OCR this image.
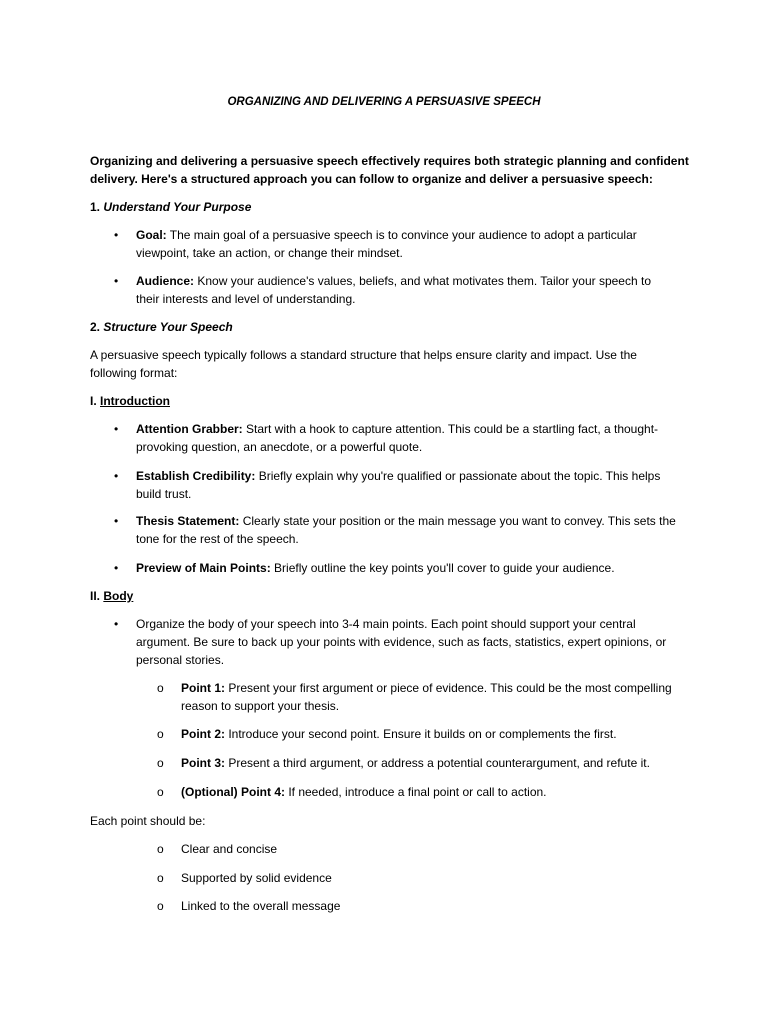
ORGANIZING AND DELIVERING A PERSUASIVE SPEECH
Organizing and delivering a persuasive speech effectively requires both strategic planning and confident delivery. Here's a structured approach you can follow to organize and deliver a persuasive speech:
1. Understand Your Purpose
•	Goal: The main goal of a persuasive speech is to convince your audience to adopt a particular viewpoint, take an action, or change their mindset.
•	Audience: Know your audience's values, beliefs, and what motivates them. Tailor your speech to their interests and level of understanding.
2. Structure Your Speech
A persuasive speech typically follows a standard structure that helps ensure clarity and impact. Use the following format:
I. Introduction
•	Attention Grabber: Start with a hook to capture attention. This could be a startling fact, a thought-provoking question, an anecdote, or a powerful quote.
•	Establish Credibility: Briefly explain why you're qualified or passionate about the topic. This helps build trust.
•	Thesis Statement: Clearly state your position or the main message you want to convey. This sets the tone for the rest of the speech.
•	Preview of Main Points: Briefly outline the key points you'll cover to guide your audience.
II. Body
•	Organize the body of your speech into 3-4 main points. Each point should support your central argument. Be sure to back up your points with evidence, such as facts, statistics, expert opinions, or personal stories.
o Point 1: Present your first argument or piece of evidence. This could be the most compelling reason to support your thesis.
o Point 2: Introduce your second point. Ensure it builds on or complements the first.
o Point 3: Present a third argument, or address a potential counterargument, and refute it.
o (Optional) Point 4: If needed, introduce a final point or call to action.
Each point should be:
o Clear and concise
o Supported by solid evidence
o Linked to the overall message
